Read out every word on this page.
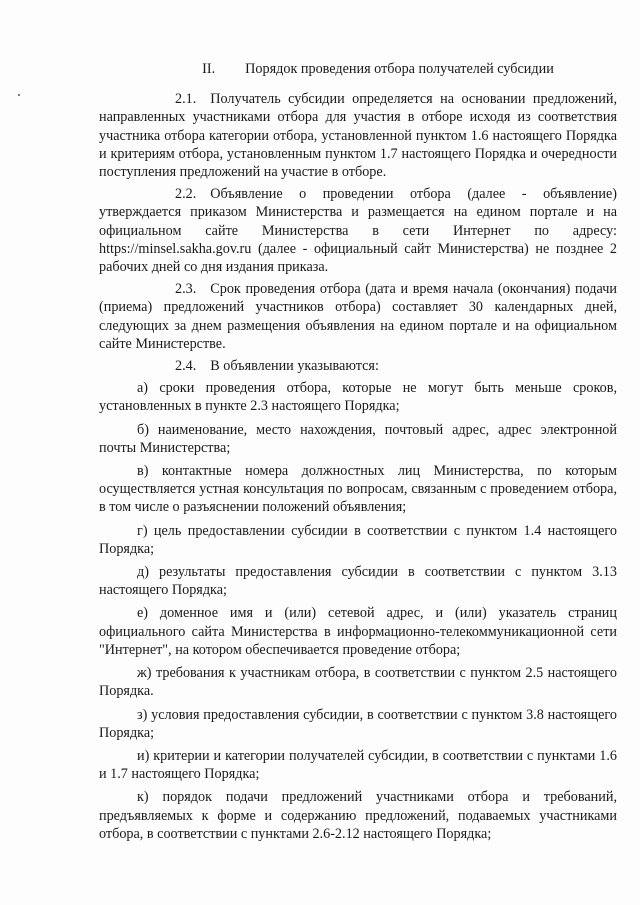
II. Порядок проведения отбора получателей субсидии

2.1. Получатель субсидии определяется на основании предложений, направленных участниками отбора для участия в отборе исходя из соответствия участника отбора категории отбора, установленной пунктом 1.6 настоящего Порядка и критериям отбора, установленным пунктом 1.7 настоящего Порядка и очередности поступления предложений на участие в отборе.

2.2. Объявление о проведении отбора (далее - объявление) утверждается приказом Министерства и размещается на едином портале и на официальном сайте Министерства в сети Интернет по адресу: https://minsel.sakha.gov.ru (далее - официальный сайт Министерства) не позднее 2 рабочих дней со дня издания приказа.

2.3. Срок проведения отбора (дата и время начала (окончания) подачи (приема) предложений участников отбора) составляет 30 календарных дней, следующих за днем размещения объявления на едином портале и на официальном сайте Министерстве.

2.4. В объявлении указываются:

а) сроки проведения отбора, которые не могут быть меньше сроков, установленных в пункте 2.3 настоящего Порядка;

б) наименование, место нахождения, почтовый адрес, адрес электронной почты Министерства;

в) контактные номера должностных лиц Министерства, по которым осуществляется устная консультация по вопросам, связанным с проведением отбора, в том числе о разъяснении положений объявления;

г) цель предоставлении субсидии в соответствии с пунктом 1.4 настоящего Порядка;

д) результаты предоставления субсидии в соответствии с пунктом 3.13 настоящего Порядка;

е) доменное имя и (или) сетевой адрес, и (или) указатель страниц официального сайта Министерства в информационно-телекоммуникационной сети "Интернет", на котором обеспечивается проведение отбора;

ж) требования к участникам отбора, в соответствии с пунктом 2.5 настоящего Порядка.

з) условия предоставления субсидии, в соответствии с пунктом 3.8 настоящего Порядка;

и) критерии и категории получателей субсидии, в соответствии с пунктами 1.6 и 1.7 настоящего Порядка;

к) порядок подачи предложений участниками отбора и требований, предъявляемых к форме и содержанию предложений, подаваемых участниками отбора, в соответствии с пунктами 2.6-2.12 настоящего Порядка;
